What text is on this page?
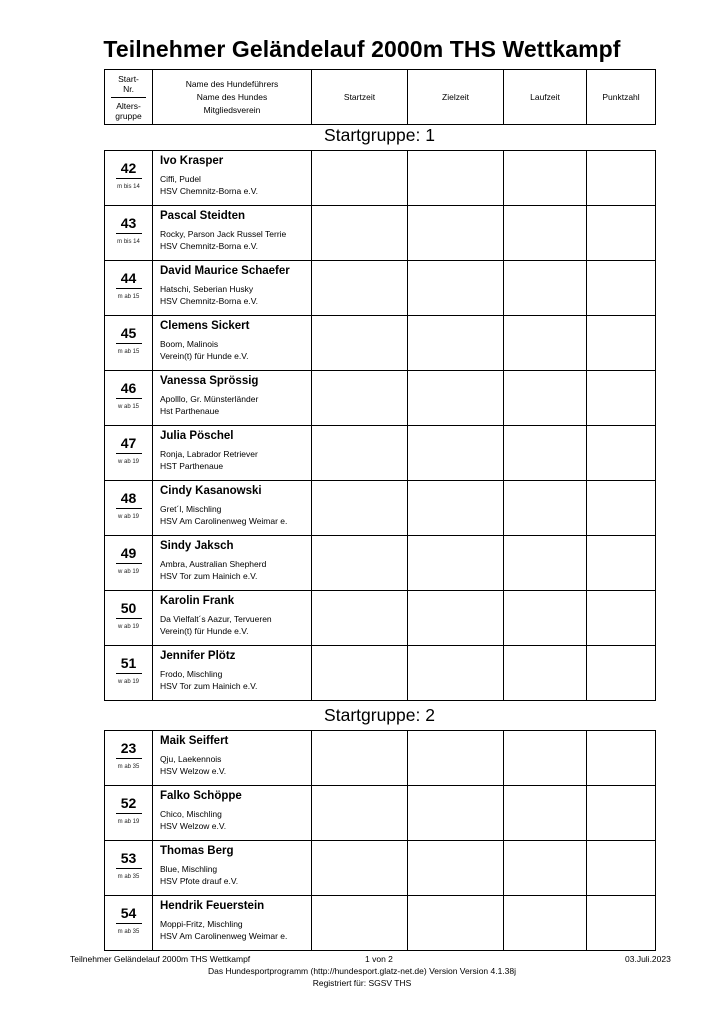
Teilnehmer Geländelauf 2000m THS Wettkampf
Start-
Nr.
Alters-
gruppe
	Name des Hundeführers
Name des Hundes
Mitgliedsverein	Startzeit	Zielzeit	Laufzeit	Punktzahl
Startgruppe: 1
42
m bis 14	Ivo Krasper
Ciffi, Pudel
HSV Chemnitz-Borna e.V.				

43
m bis 14	Pascal Steidten
Rocky, Parson Jack Russel Terrie
HSV Chemnitz-Borna e.V.				

44
m ab 15	David Maurice Schaefer
Hatschi, Seberian Husky
HSV Chemnitz-Borna e.V.				

45
m ab 15	Clemens Sickert
Boom, Malinois
Verein(t) für Hunde e.V.				

46
w ab 15	Vanessa Sprössig
Apolllo, Gr. Münsterländer
Hst Parthenaue				

47
w ab 19	Julia Pöschel
Ronja, Labrador Retriever
HST Parthenaue				

48
w ab 19	Cindy Kasanowski
Gret´l, Mischling
HSV Am Carolinenweg Weimar e.				

49
w ab 19	Sindy Jaksch
Ambra, Australian Shepherd
HSV Tor zum Hainich e.V.				

50
w ab 19	Karolin Frank
Da Vielfalt´s Aazur, Tervueren
Verein(t) für Hunde e.V.				

51
w ab 19	Jennifer Plötz
Frodo, Mischling
HSV Tor zum Hainich e.V.				

Startgruppe: 2
23
m ab 35	Maik Seiffert
Qju, Laekennois
HSV Welzow e.V.				

52
m ab 19	Falko Schöppe
Chico, Mischling
HSV Welzow e.V.				

53
m ab 35	Thomas Berg
Blue, Mischling
HSV Pfote drauf e.V.				

54
m ab 35	Hendrik Feuerstein
Moppi-Fritz, Mischling
HSV Am Carolinenweg Weimar e.				

Teilnehmer Geländelauf 2000m THS Wettkampf	1 von 2	03.Juli.2023
Das Hundesportprogramm (http://hundesport.glatz-net.de) Version Version 4.1.38j
Registriert für: SGSV THS
